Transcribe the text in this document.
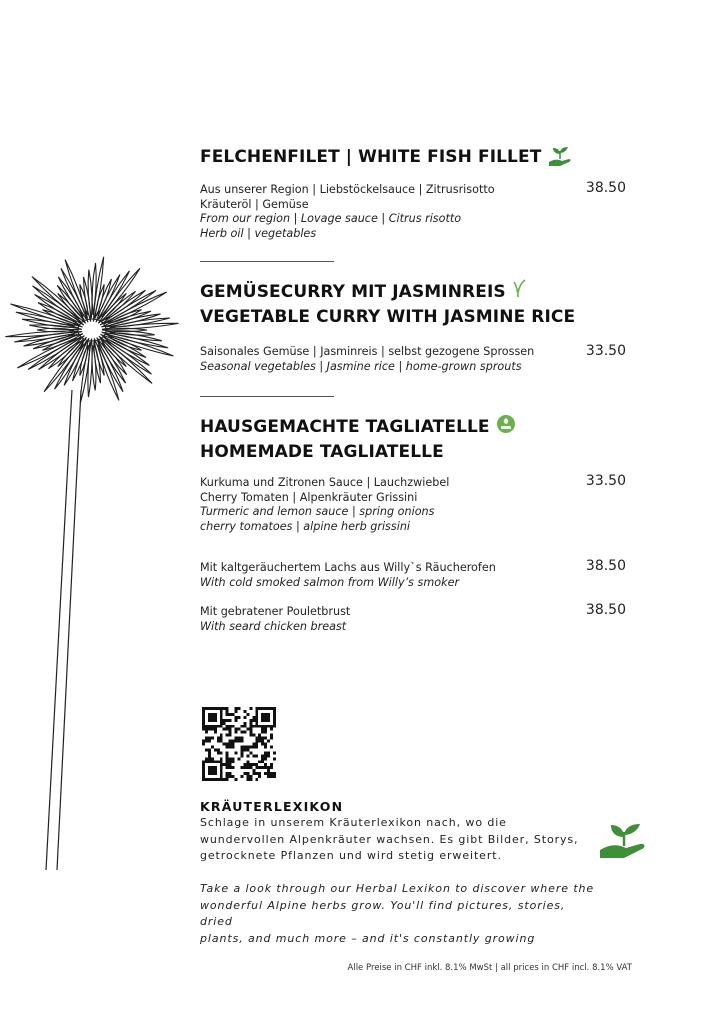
FELCHENFILET | WHITE FISH FILLET
Aus unserer Region | Liebstöckelsauce | Zitrusrisotto
Kräuteröl | Gemüse
From our region | Lovage sauce | Citrus risotto
Herb oil | vegetables
38.50
GEMÜSECURRY MIT JASMINREIS
VEGETABLE CURRY WITH JASMINE RICE
Saisonales Gemüse | Jasminreis | selbst gezogene Sprossen
Seasonal vegetables | Jasmine rice | home-grown sprouts
33.50
HAUSGEMACHTE TAGLIATELLE
HOMEMADE TAGLIATELLE
Kurkuma und Zitronen Sauce | Lauchzwiebel
Cherry Tomaten | Alpenkräuter Grissini
Turmeric and lemon sauce | spring onions
cherry tomatoes | alpine herb grissini
33.50
Mit kaltgeräuchertem Lachs aus Willy`s Räucherofen
With cold smoked salmon from Willy’s smoker
38.50
Mit gebratener Pouletbrust
With seard chicken breast
38.50
KRÄUTERLEXIKON
Schlage in unserem Kräuterlexikon nach, wo die
wundervollen Alpenkräuter wachsen. Es gibt Bilder, Storys,
getrocknete Pflanzen und wird stetig erweitert.
Take a look through our Herbal Lexikon to discover where the
wonderful Alpine herbs grow. You'll find pictures, stories, dried
plants, and much more – and it's constantly growing
Alle Preise in CHF inkl. 8.1% MwSt | all prices in CHF incl. 8.1% VAT
